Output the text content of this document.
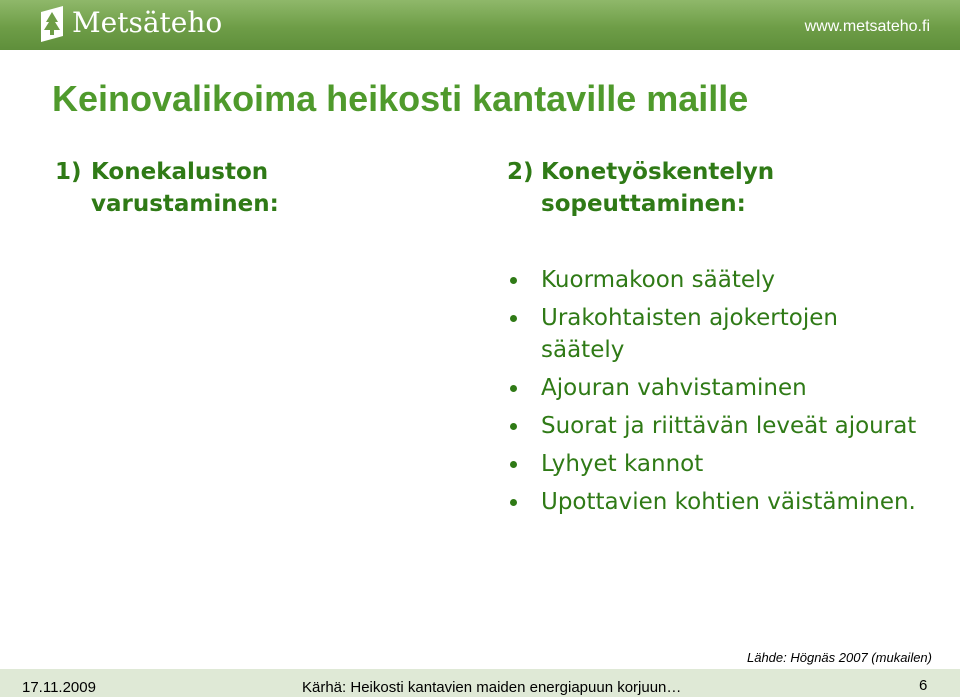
Metsäteho	www.metsateho.fi
Keinovalikoima heikosti kantaville maille
1) Konekaluston
varustaminen:
2) Konetyöskentelyn
sopeuttaminen:
Kuormakoon säätely
Urakohtaisten ajokertojen säätely
Ajouran vahvistaminen
Suorat ja riittävän leveät ajourat
Lyhyet kannot
Upottavien kohtien väistäminen.
Lähde: Högnäs 2007 (mukailen)
17.11.2009	Kärhä: Heikosti kantavien maiden energiapuun korjuun…	6
